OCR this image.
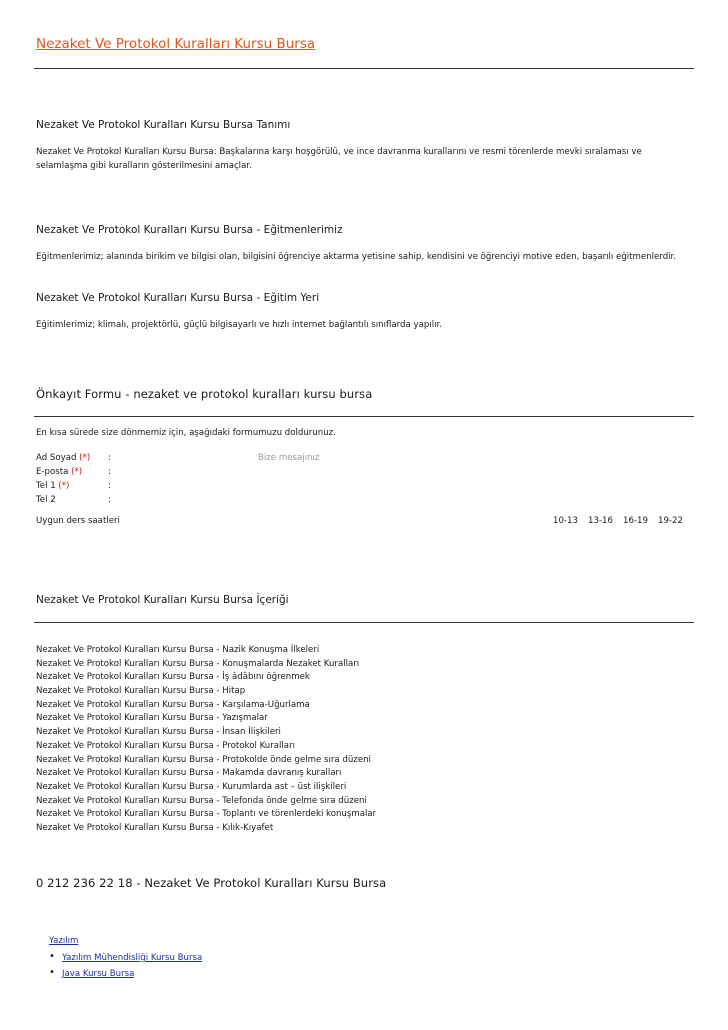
Nezaket Ve Protokol Kuralları Kursu Bursa
Nezaket Ve Protokol Kuralları Kursu Bursa Tanımı
Nezaket Ve Protokol Kuralları Kursu Bursa: Başkalarına karşı hoşgörülü, ve ince davranma kurallarını ve resmi törenlerde mevki sıralaması ve selamlaşma gibi kuralların gösterilmesini amaçlar.
Nezaket Ve Protokol Kuralları Kursu Bursa - Eğitmenlerimiz
Eğitmenlerimiz; alanında birikim ve bilgisi olan, bilgisini öğrenciye aktarma yetisine sahip, kendisini ve öğrenciyi motive eden, başarılı eğitmenlerdir.
Nezaket Ve Protokol Kuralları Kursu Bursa - Eğitim Yeri
Eğitimlerimiz; klimalı, projektörlü, güçlü bilgisayarlı ve hızlı internet bağlantılı sınıflarda yapılır.
Önkayıt Formu - nezaket ve protokol kuralları kursu bursa
En kısa sürede size dönmemiz için, aşağıdaki formumuzu doldurunuz.
Ad Soyad (*) :
E-posta (*)	:
Tel 1 (*)	:
Tel 2	:
Bize mesajınız
Uygun ders saatleri	10-13 13-16 16-19 19-22
Nezaket Ve Protokol Kuralları Kursu Bursa İçeriği
Nezaket Ve Protokol Kuralları Kursu Bursa - Nazik Konuşma İlkeleri
Nezaket Ve Protokol Kuralları Kursu Bursa - Konuşmalarda Nezaket Kuralları
Nezaket Ve Protokol Kuralları Kursu Bursa - İş âdâbını öğrenmek
Nezaket Ve Protokol Kuralları Kursu Bursa - Hitap
Nezaket Ve Protokol Kuralları Kursu Bursa - Karşılama-Uğurlama
Nezaket Ve Protokol Kuralları Kursu Bursa - Yazışmalar
Nezaket Ve Protokol Kuralları Kursu Bursa - İnsan İlişkileri
Nezaket Ve Protokol Kuralları Kursu Bursa - Protokol Kuralları
Nezaket Ve Protokol Kuralları Kursu Bursa - Protokolde önde gelme sıra düzeni
Nezaket Ve Protokol Kuralları Kursu Bursa - Makamda davranış kuralları
Nezaket Ve Protokol Kuralları Kursu Bursa - Kurumlarda ast – üst ilişkileri
Nezaket Ve Protokol Kuralları Kursu Bursa - Telefonda önde gelme sıra düzeni
Nezaket Ve Protokol Kuralları Kursu Bursa - Toplantı ve törenlerdeki konuşmalar
Nezaket Ve Protokol Kuralları Kursu Bursa - Kılık-Kıyafet
0 212 236 22 18 - Nezaket Ve Protokol Kuralları Kursu Bursa
Yazılım
• Yazılım Mühendisliği Kursu Bursa
• Java Kursu Bursa
